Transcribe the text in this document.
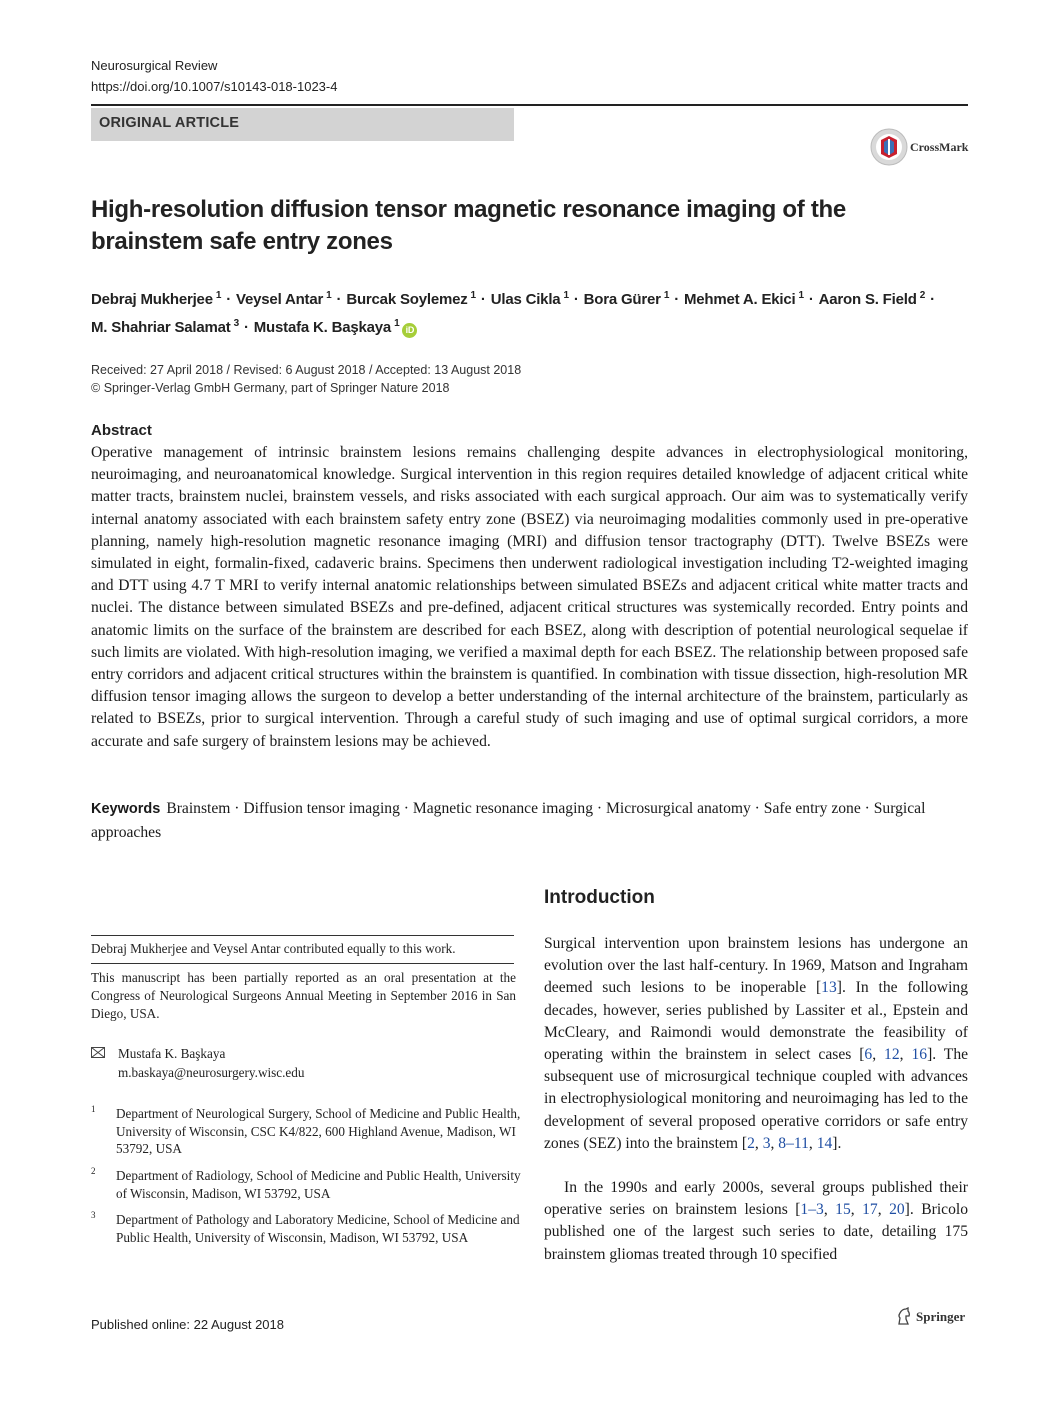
Neurosurgical Review
https://doi.org/10.1007/s10143-018-1023-4
ORIGINAL ARTICLE
CrossMark
High-resolution diffusion tensor magnetic resonance imaging of the brainstem safe entry zones
Debraj Mukherjee $^1$ · Veysel Antar $^1$ · Burcak Soylemez $^1$ · Ulas Cikla $^1$ · Bora Gürer $^1$ · Mehmet A. Ekici $^1$ · Aaron S. Field $^2$ ·
M. Shahriar Salamat $^3$ · Mustafa K. Başkaya $^1$iD
Received: 27 April 2018 / Revised: 6 August 2018 / Accepted: 13 August 2018
© Springer-Verlag GmbH Germany, part of Springer Nature 2018
Abstract
Operative management of intrinsic brainstem lesions remains challenging despite advances in electrophysiological monitoring, neuroimaging, and neuroanatomical knowledge. Surgical intervention in this region requires detailed knowledge of adjacent critical white matter tracts, brainstem nuclei, brainstem vessels, and risks associated with each surgical approach. Our aim was to systematically verify internal anatomy associated with each brainstem safety entry zone (BSEZ) via neuroimaging modalities commonly used in pre-operative planning, namely high-resolution magnetic resonance imaging (MRI) and diffusion tensor tractography (DTT). Twelve BSEZs were simulated in eight, formalin-fixed, cadaveric brains. Specimens then underwent radiological investigation including T2-weighted imaging and DTT using 4.7 T MRI to verify internal anatomic relationships between simulated BSEZs and adjacent critical white matter tracts and nuclei. The distance between simulated BSEZs and pre-defined, adjacent critical structures was systemically recorded. Entry points and anatomic limits on the surface of the brainstem are described for each BSEZ, along with description of potential neurological sequelae if such limits are violated. With high-resolution imaging, we verified a maximal depth for each BSEZ. The relationship between proposed safe entry corridors and adjacent critical structures within the brainstem is quantified. In combination with tissue dissection, high-resolution MR diffusion tensor imaging allows the surgeon to develop a better understanding of the internal architecture of the brainstem, particularly as related to BSEZs, prior to surgical intervention. Through a careful study of such imaging and use of optimal surgical corridors, a more accurate and safe surgery of brainstem lesions may be achieved.
Keywords Brainstem · Diffusion tensor imaging · Magnetic resonance imaging · Microsurgical anatomy · Safe entry zone · Surgical approaches
Debraj Mukherjee and Veysel Antar contributed equally to this work.
This manuscript has been partially reported as an oral presentation at the Congress of Neurological Surgeons Annual Meeting in September 2016 in San Diego, USA.
Mustafa K. Başkaya
m.baskaya@neurosurgery.wisc.edu
1 Department of Neurological Surgery, School of Medicine and Public Health, University of Wisconsin, CSC K4/822, 600 Highland Avenue, Madison, WI 53792, USA
2 Department of Radiology, School of Medicine and Public Health, University of Wisconsin, Madison, WI 53792, USA
3 Department of Pathology and Laboratory Medicine, School of Medicine and Public Health, University of Wisconsin, Madison, WI 53792, USA
Introduction
Surgical intervention upon brainstem lesions has undergone an evolution over the last half-century. In 1969, Matson and Ingraham deemed such lesions to be inoperable [13]. In the following decades, however, series published by Lassiter et al., Epstein and McCleary, and Raimondi would demonstrate the feasibility of operating within the brainstem in select cases [6, 12, 16]. The subsequent use of microsurgical technique coupled with advances in electrophysiological monitoring and neuroimaging has led to the development of several proposed operative corridors or safe entry zones (SEZ) into the brainstem [2, 3, 8–11, 14].
In the 1990s and early 2000s, several groups published their operative series on brainstem lesions [1–3, 15, 17, 20]. Bricolo published one of the largest such series to date, detailing 175 brainstem gliomas treated through 10 specified
Published online: 22 August 2018
Springer
